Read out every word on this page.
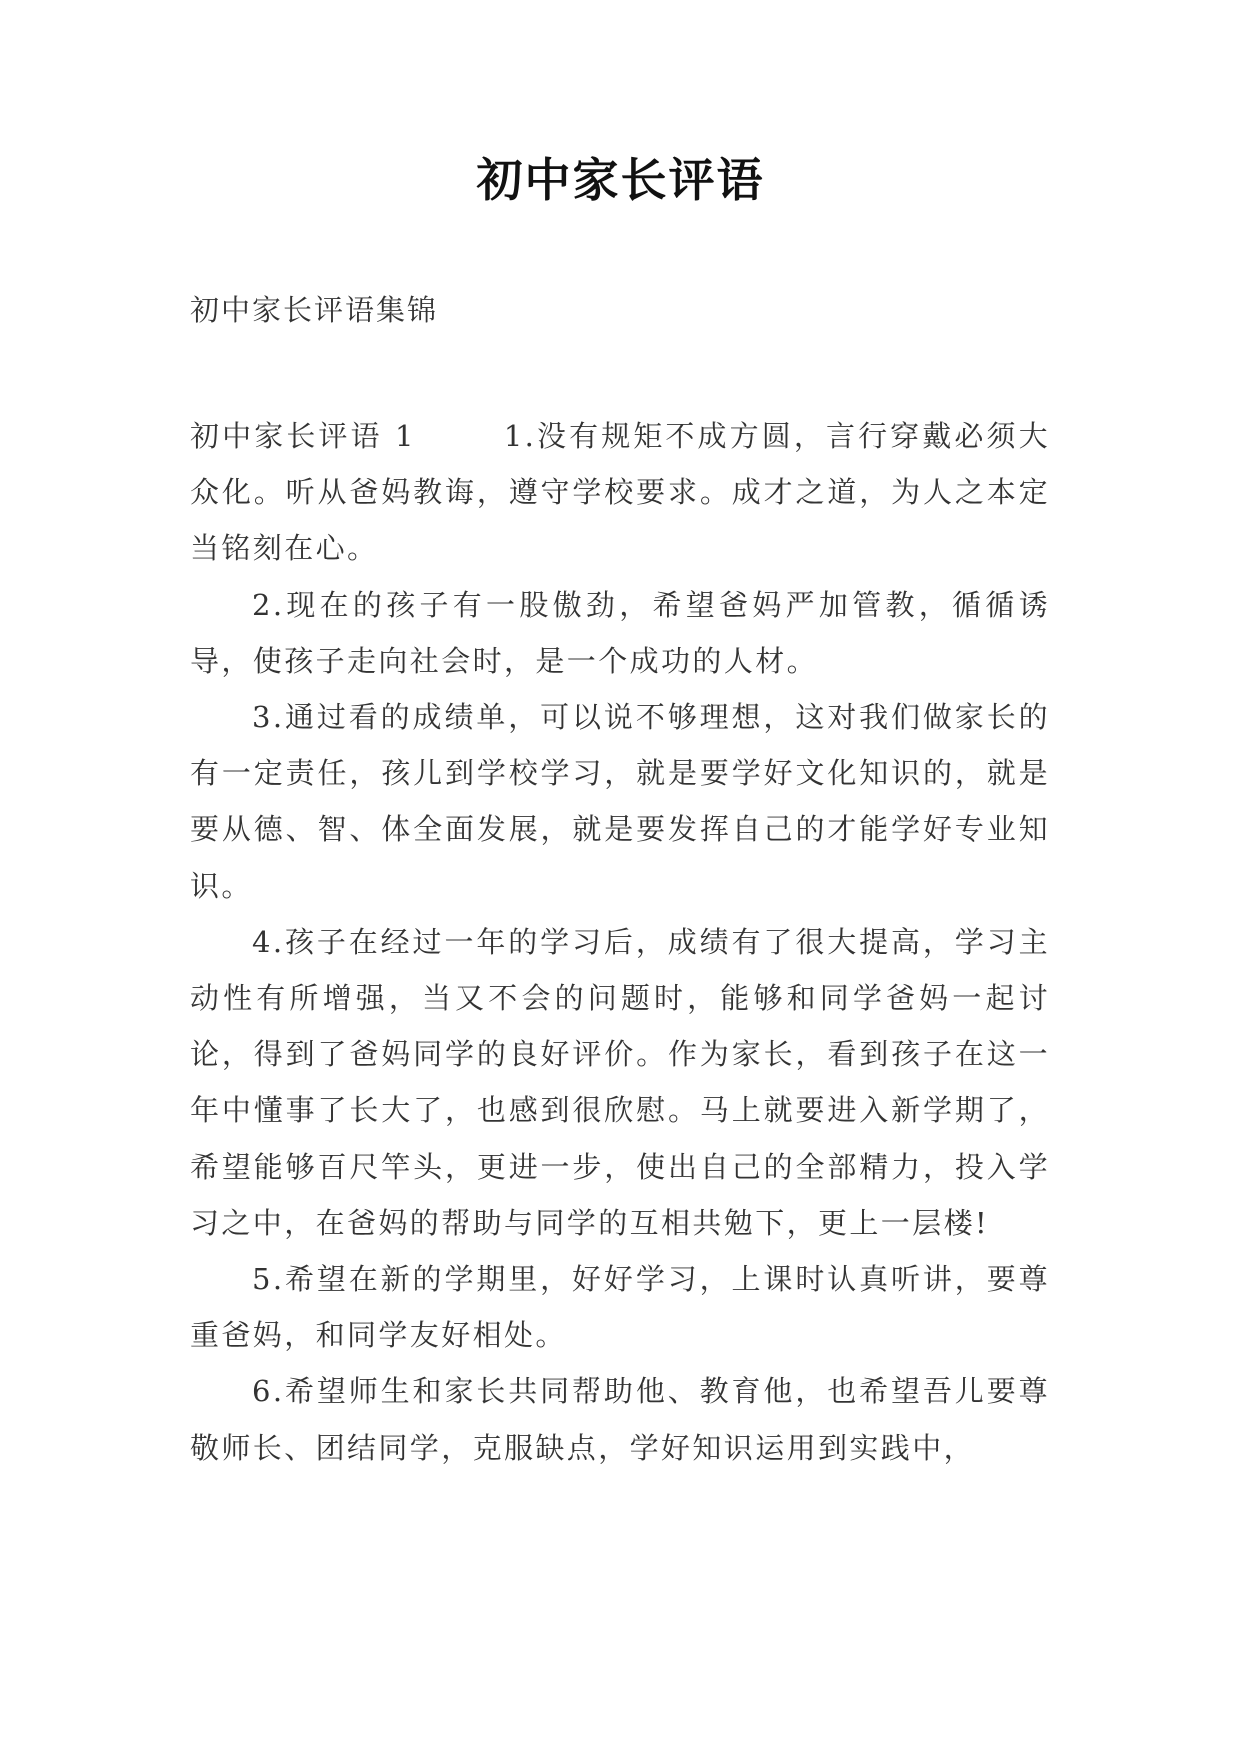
初中家长评语
初中家长评语集锦

初中家长评语 1	1.没有规矩不成方圆，言行穿戴必须大众化。听从爸妈教诲，遵守学校要求。成才之道，为人之本定当铭刻在心。

2.现在的孩子有一股傲劲，希望爸妈严加管教，循循诱导，使孩子走向社会时，是一个成功的人材。

3.通过看的成绩单，可以说不够理想，这对我们做家长的有一定责任，孩儿到学校学习，就是要学好文化知识的，就是要从德、智、体全面发展，就是要发挥自己的才能学好专业知识。

4.孩子在经过一年的学习后，成绩有了很大提高，学习主动性有所增强，当又不会的问题时，能够和同学爸妈一起讨论，得到了爸妈同学的良好评价。作为家长，看到孩子在这一年中懂事了长大了，也感到很欣慰。马上就要进入新学期了，希望能够百尺竿头，更进一步，使出自己的全部精力，投入学习之中，在爸妈的帮助与同学的互相共勉下，更上一层楼!

5.希望在新的学期里，好好学习，上课时认真听讲，要尊重爸妈，和同学友好相处。

6.希望师生和家长共同帮助他、教育他，也希望吾儿要尊敬师长、团结同学，克服缺点，学好知识运用到实践中，
